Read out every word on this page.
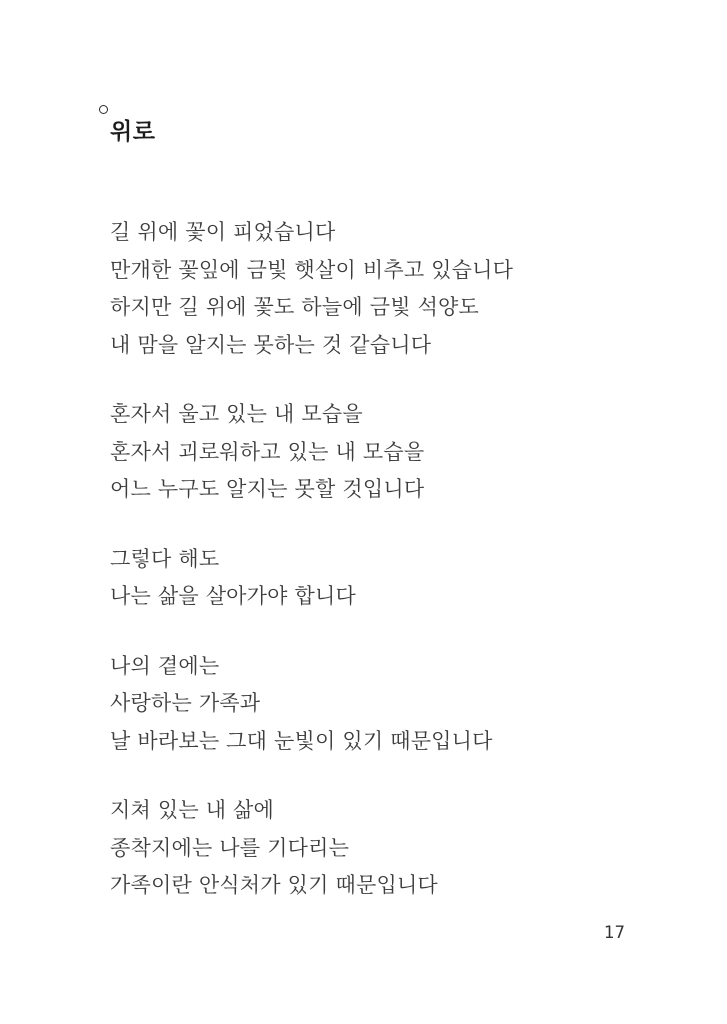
위로

길 위에 꽃이 피었습니다

만개한 꽃잎에 금빛 햇살이 비추고 있습니다

하지만 길 위에 꽃도 하늘에 금빛 석양도

내 맘을 알지는 못하는 것 같습니다

혼자서 울고 있는 내 모습을

혼자서 괴로워하고 있는 내 모습을

어느 누구도 알지는 못할 것입니다

그렇다 해도

나는 삶을 살아가야 합니다

나의 곁에는

사랑하는 가족과

날 바라보는 그대 눈빛이 있기 때문입니다

지쳐 있는 내 삶에

종착지에는 나를 기다리는

가족이란 안식처가 있기 때문입니다

17
